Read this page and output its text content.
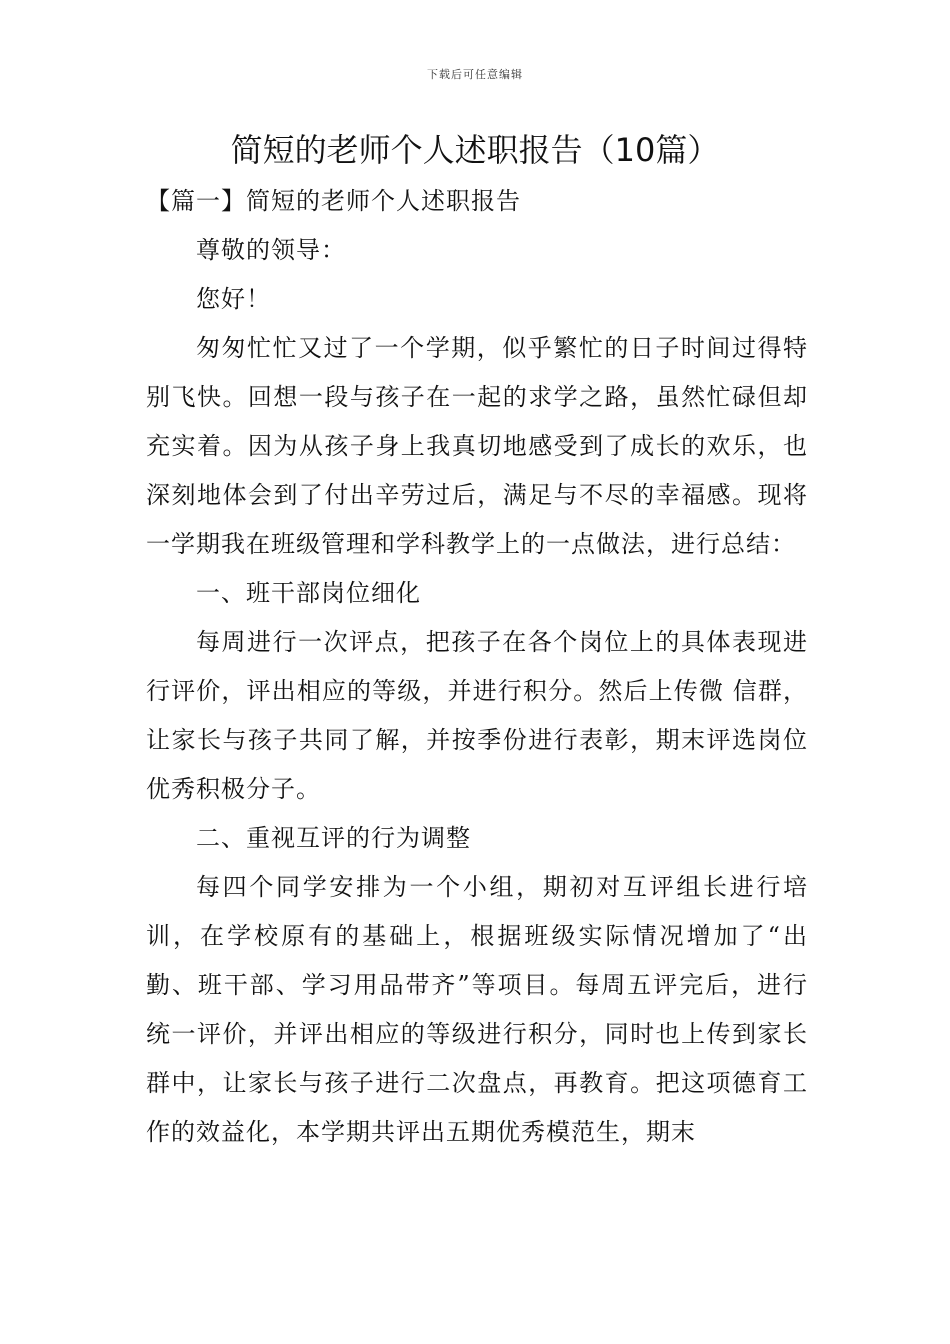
下载后可任意编辑
简短的老师个人述职报告（10篇）

【篇一】简短的老师个人述职报告

尊敬的领导：

您好！

匆匆忙忙又过了一个学期，似乎繁忙的日子时间过得特别飞快。回想一段与孩子在一起的求学之路，虽然忙碌但却充实着。因为从孩子身上我真切地感受到了成长的欢乐，也深刻地体会到了付出辛劳过后，满足与不尽的幸福感。现将一学期我在班级管理和学科教学上的一点做法，进行总结：

一、班干部岗位细化

每周进行一次评点，把孩子在各个岗位上的具体表现进行评价，评出相应的等级，并进行积分。然后上传微 信群，让家长与孩子共同了解，并按季份进行表彰，期末评选岗位优秀积极分子。

二、重视互评的行为调整

每四个同学安排为一个小组，期初对互评组长进行培训，在学校原有的基础上，根据班级实际情况增加了“出勤、班干部、学习用品带齐”等项目。每周五评完后，进行统一评价，并评出相应的等级进行积分，同时也上传到家长群中，让家长与孩子进行二次盘点，再教育。把这项德育工作的效益化，本学期共评出五期优秀模范生，期末
